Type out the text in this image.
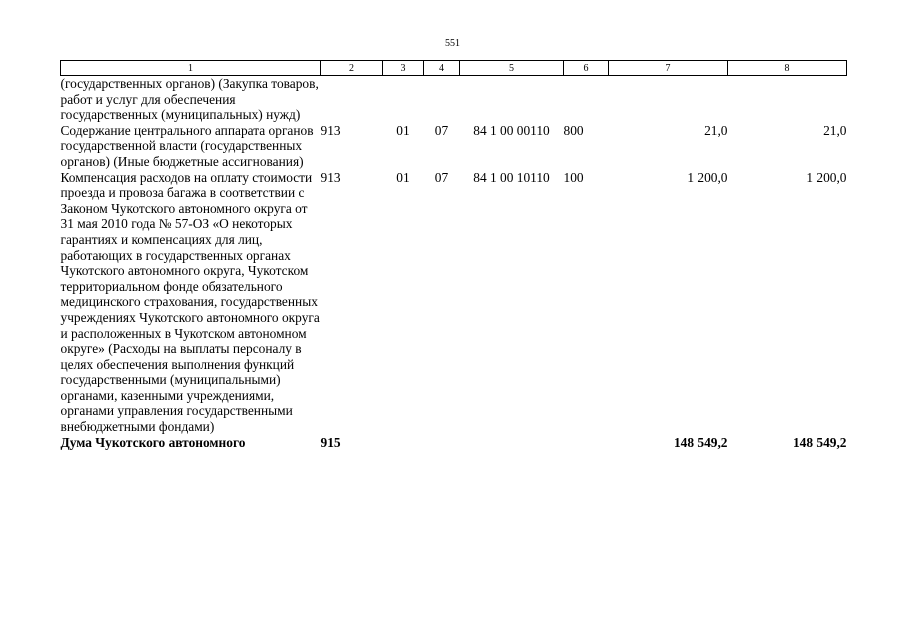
551
1	2	3	4	5	6	7	8
(государственных органов) (Закупка товаров, работ и услуг для обеспечения государственных (муниципальных) нужд)							
Содержание центрального аппарата органов государственной власти (государственных органов) (Иные бюджетные ассигнования)	913	01	07	84 1 00 00110	800	21,0	21,0
Компенсация расходов на оплату стоимости проезда и провоза багажа в соответствии с Законом Чукотского автономного округа от 31 мая 2010 года № 57-ОЗ «О некоторых гарантиях и компенсациях для лиц, работающих в государственных органах Чукотского автономного округа, Чукотском территориальном фонде обязательного медицинского страхования, государственных учреждениях Чукотского автономного округа и расположенных в Чукотском автономном округе» (Расходы на выплаты персоналу в целях обеспечения выполнения функций государственными (муниципальными) органами, казенными учреждениями, органами управления государственными внебюджетными фондами)	913	01	07	84 1 00 10110	100	1 200,0	1 200,0
Дума Чукотского автономного	915					148 549,2	148 549,2
